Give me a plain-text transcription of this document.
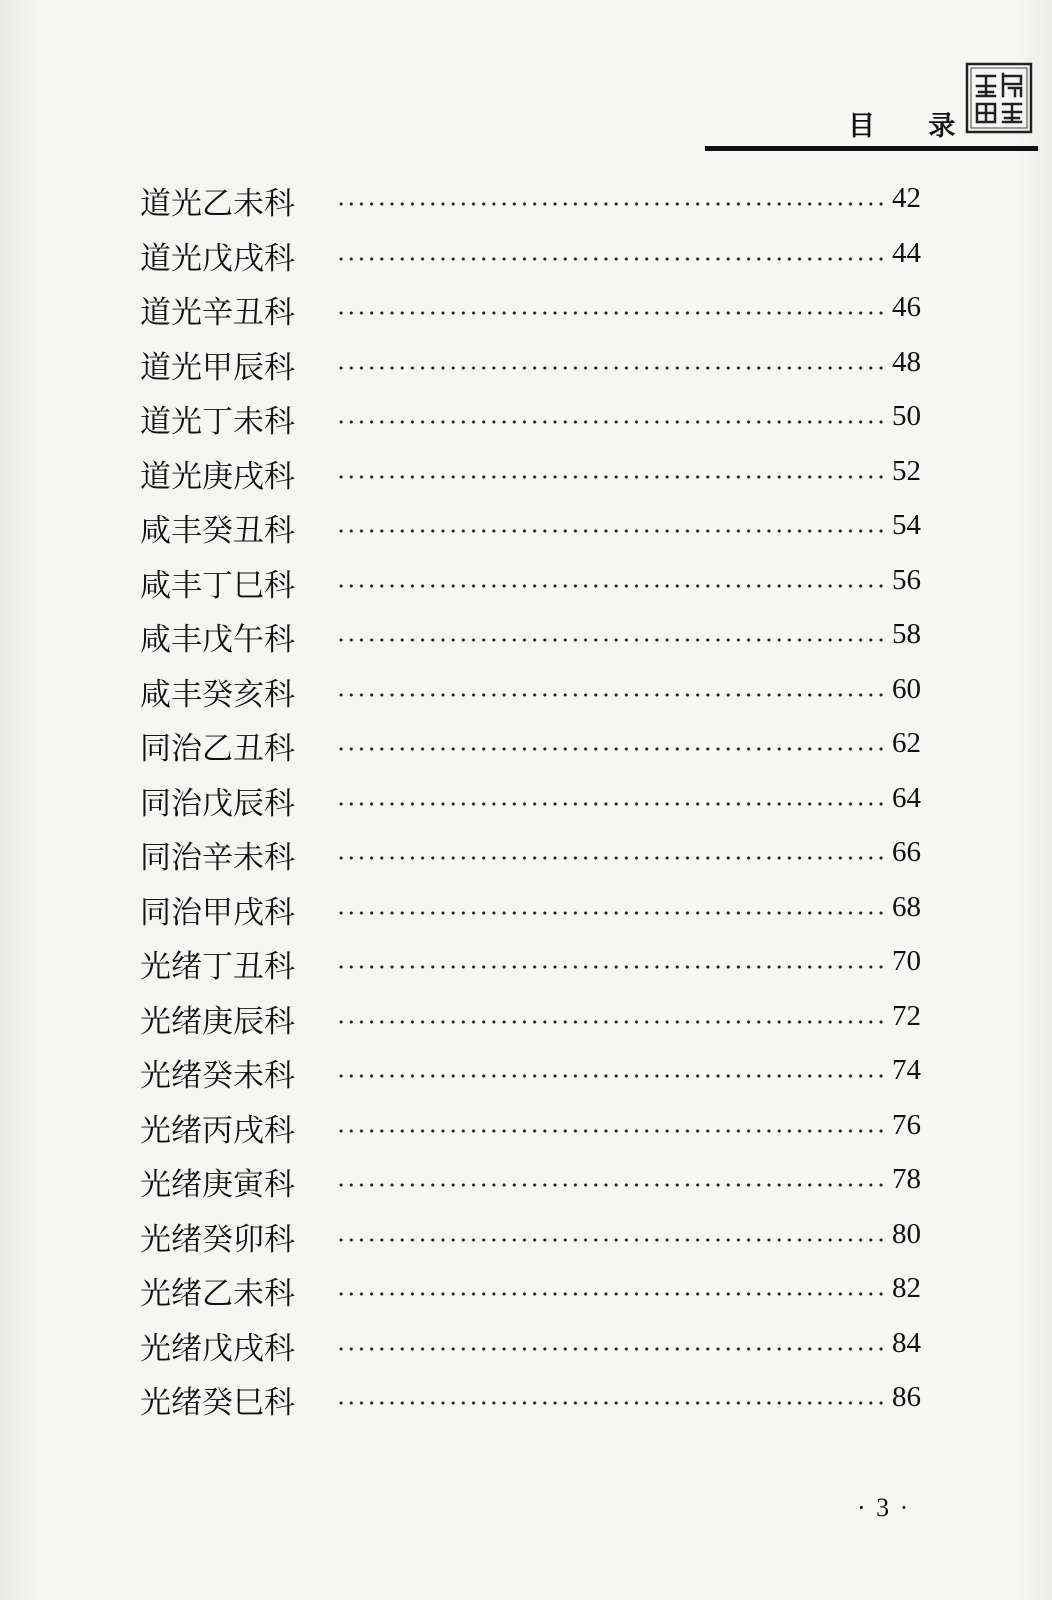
目 录
道光乙未科	42
道光戊戌科	44
道光辛丑科	46
道光甲辰科	48
道光丁未科	50
道光庚戌科	52
咸丰癸丑科	54
咸丰丁巳科	56
咸丰戊午科	58
咸丰癸亥科	60
同治乙丑科	62
同治戊辰科	64
同治辛未科	66
同治甲戌科	68
光绪丁丑科	70
光绪庚辰科	72
光绪癸未科	74
光绪丙戌科	76
光绪庚寅科	78
光绪癸卯科	80
光绪乙未科	82
光绪戊戌科	84
光绪癸巳科	86
· 3 ·
